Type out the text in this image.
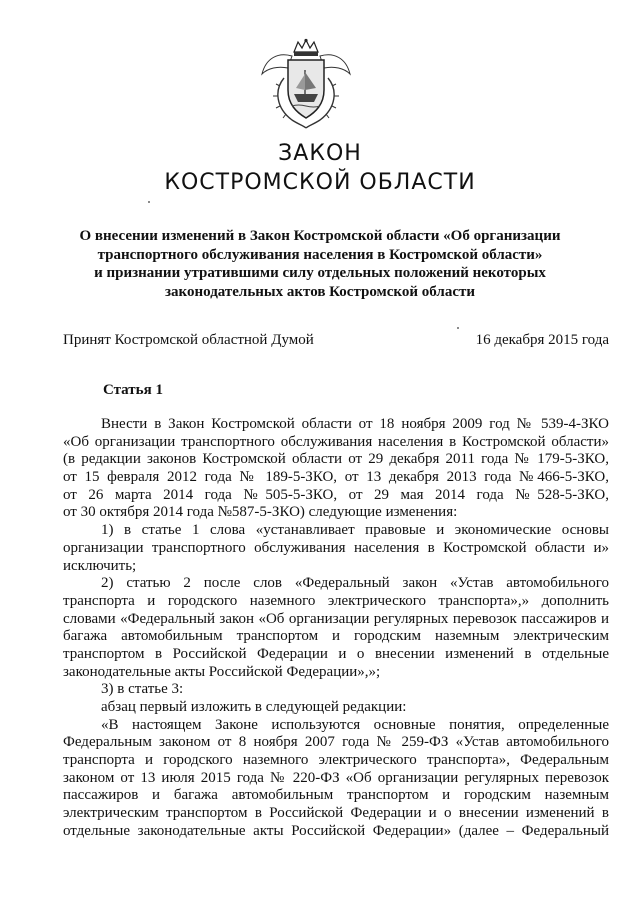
ЗАКОН
КОСТРОМСКОЙ ОБЛАСТИ
О внесении изменений в Закон Костромской области «Об организации
транспортного обслуживания населения в Костромской области»
и признании утратившими силу отдельных положений некоторых
законодательных актов Костромской области
Принят Костромской областной Думой	16 декабря 2015 года
Статья 1
Внести в Закон Костромской области от 18 ноября 2009 год № 539-4-ЗКО
«Об организации транспортного обслуживания населения в Костромской области»
(в редакции законов Костромской области от 29 декабря 2011 года № 179-5-ЗКО,
от 15 февраля 2012 года № 189-5-ЗКО, от 13 декабря 2013 года №466-5-ЗКО,
от 26 марта 2014 года №505-5-ЗКО, от 29 мая 2014 года №528-5-ЗКО,
от 30 октября 2014 года №587-5-ЗКО) следующие изменения:
1) в статье 1 слова «устанавливает правовые и экономические основы
организации транспортного обслуживания населения в Костромской области и»
исключить;
2) статью 2 после слов «Федеральный закон «Устав автомобильного
транспорта и городского наземного электрического транспорта»,» дополнить
словами «Федеральный закон «Об организации регулярных перевозок пассажиров и
багажа автомобильным транспортом и городским наземным электрическим
транспортом в Российской Федерации и о внесении изменений в отдельные
законодательные акты Российской Федерации»,»;
3) в статье 3:
абзац первый изложить в следующей редакции:
«В настоящем Законе используются основные понятия, определенные
Федеральным законом от 8 ноября 2007 года № 259-ФЗ «Устав автомобильного
транспорта и городского наземного электрического транспорта», Федеральным
законом от 13 июля 2015 года № 220-ФЗ «Об организации регулярных перевозок
пассажиров и багажа автомобильным транспортом и городским наземным
электрическим транспортом в Российской Федерации и о внесении изменений в
отдельные законодательные акты Российской Федерации» (далее – Федеральный
